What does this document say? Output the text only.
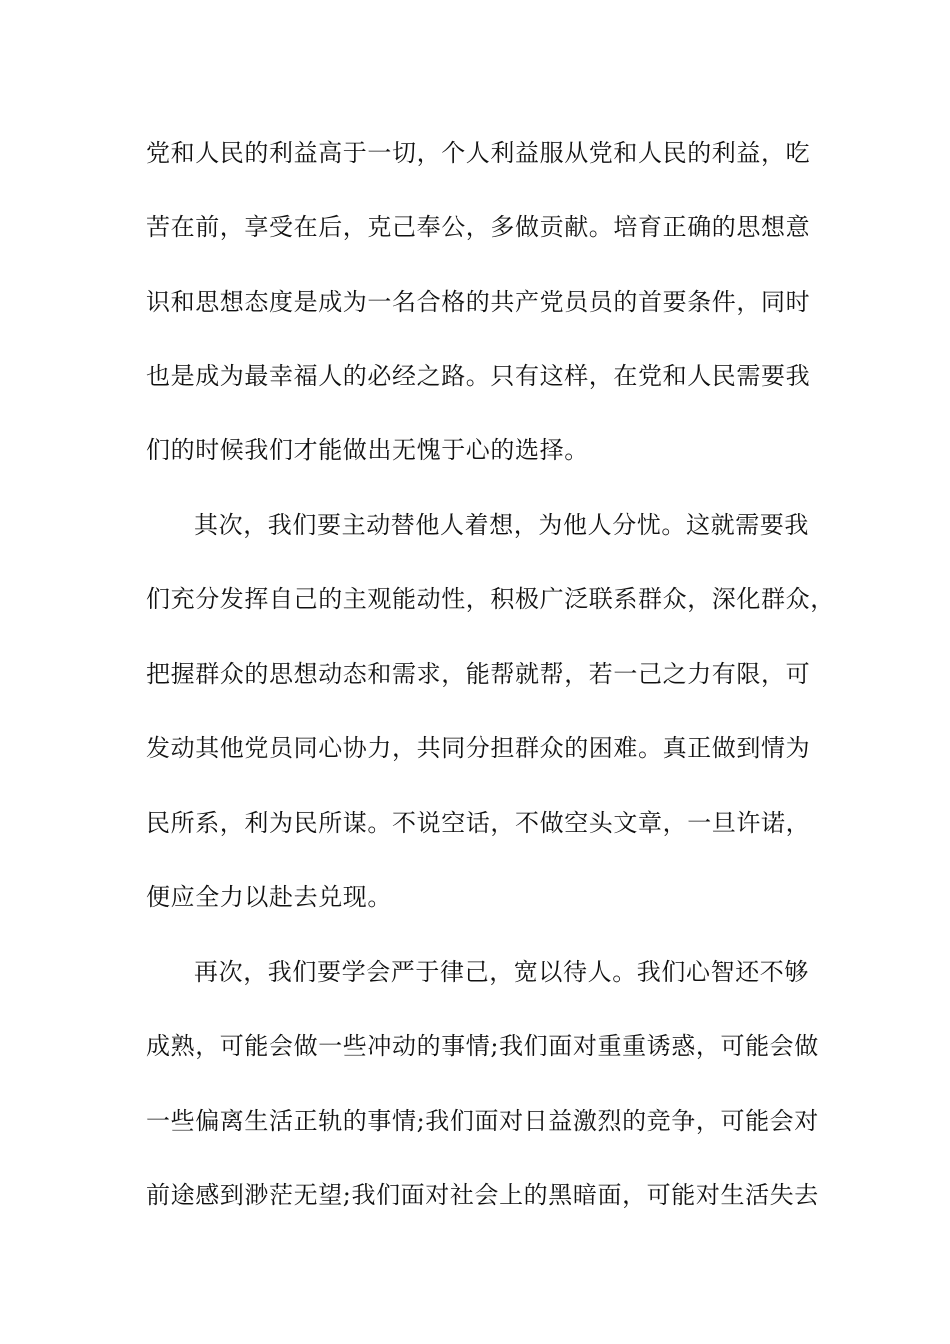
党和人民的利益高于一切，个人利益服从党和人民的利益，吃
苦在前，享受在后，克己奉公，多做贡献。培育正确的思想意
识和思想态度是成为一名合格的共产党员员的首要条件，同时
也是成为最幸福人的必经之路。只有这样，在党和人民需要我
们的时候我们才能做出无愧于心的选择。
其次，我们要主动替他人着想，为他人分忧。这就需要我
们充分发挥自己的主观能动性，积极广泛联系群众，深化群众，
把握群众的思想动态和需求，能帮就帮，若一己之力有限，可
发动其他党员同心协力，共同分担群众的困难。真正做到情为
民所系，利为民所谋。不说空话，不做空头文章，一旦许诺，
便应全力以赴去兑现。
再次，我们要学会严于律己，宽以待人。我们心智还不够
成熟，可能会做一些冲动的事情;我们面对重重诱惑，可能会做
一些偏离生活正轨的事情;我们面对日益激烈的竞争，可能会对
前途感到渺茫无望;我们面对社会上的黑暗面，可能对生活失去
